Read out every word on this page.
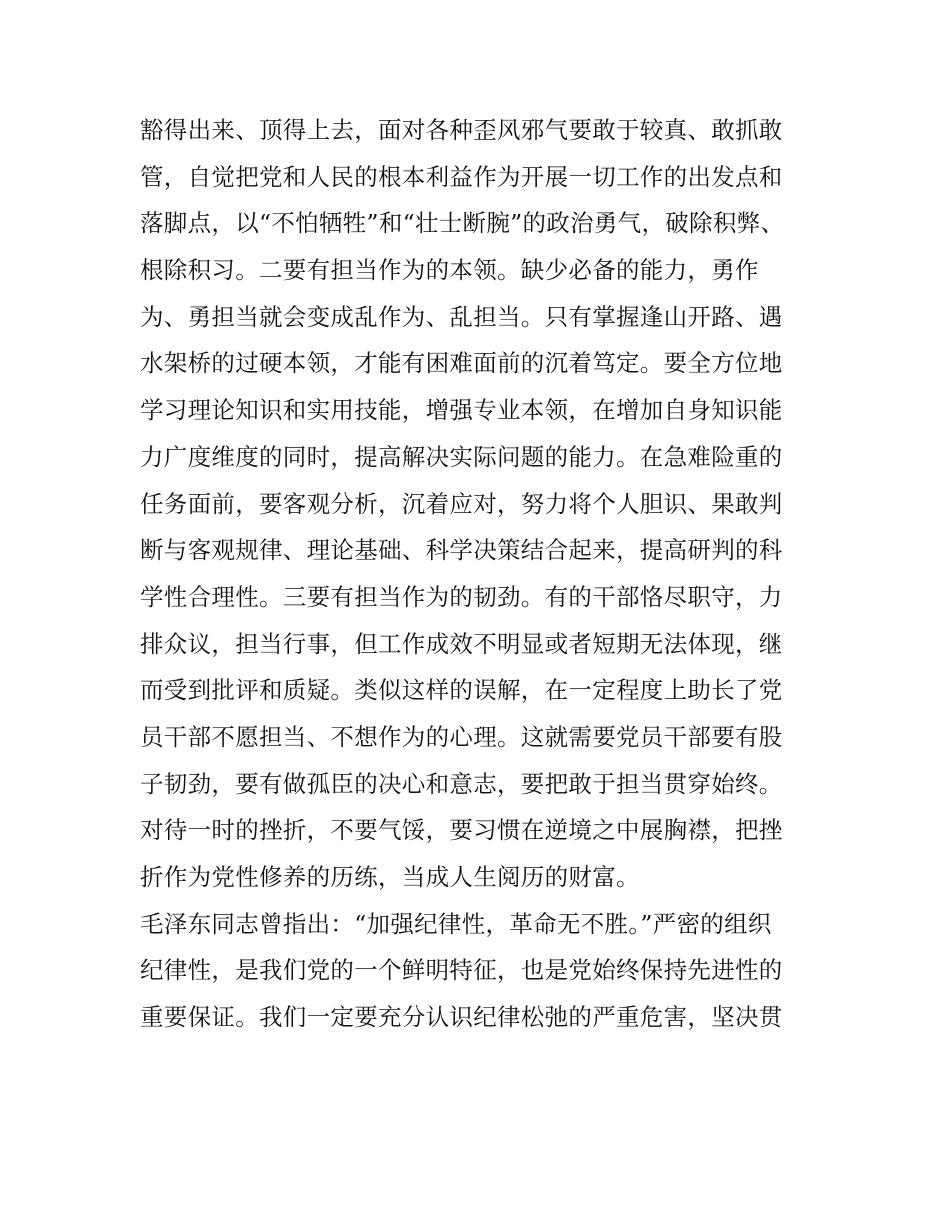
豁得出来、顶得上去，面对各种歪风邪气要敢于较真、敢抓敢
管，自觉把党和人民的根本利益作为开展一切工作的出发点和
落脚点，以“不怕牺牲”和“壮士断腕”的政治勇气，破除积弊、
根除积习。二要有担当作为的本领。缺少必备的能力，勇作
为、勇担当就会变成乱作为、乱担当。只有掌握逢山开路、遇
水架桥的过硬本领，才能有困难面前的沉着笃定。要全方位地
学习理论知识和实用技能，增强专业本领，在增加自身知识能
力广度维度的同时，提高解决实际问题的能力。在急难险重的
任务面前，要客观分析，沉着应对，努力将个人胆识、果敢判
断与客观规律、理论基础、科学决策结合起来，提高研判的科
学性合理性。三要有担当作为的韧劲。有的干部恪尽职守，力
排众议，担当行事，但工作成效不明显或者短期无法体现，继
而受到批评和质疑。类似这样的误解，在一定程度上助长了党
员干部不愿担当、不想作为的心理。这就需要党员干部要有股
子韧劲，要有做孤臣的决心和意志，要把敢于担当贯穿始终。
对待一时的挫折，不要气馁，要习惯在逆境之中展胸襟，把挫
折作为党性修养的历练，当成人生阅历的财富。
毛泽东同志曾指出：“加强纪律性，革命无不胜。”严密的组织
纪律性，是我们党的一个鲜明特征，也是党始终保持先进性的
重要保证。我们一定要充分认识纪律松弛的严重危害，坚决贯
